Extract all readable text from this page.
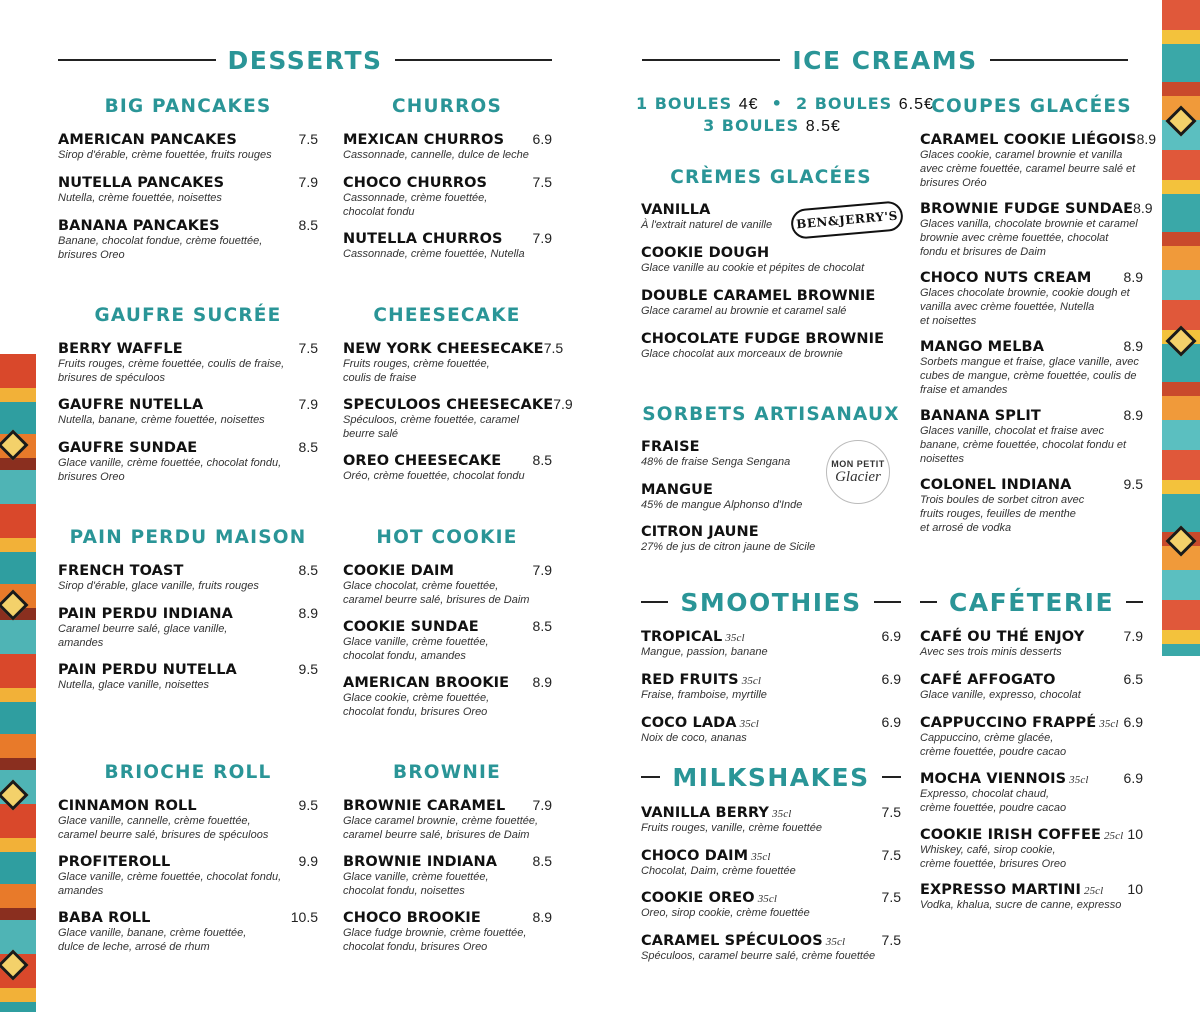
DESSERTS
BIG PANCAKES
AMERICAN PANCAKES	7.5
Sirop d'érable, crème fouettée, fruits rouges
NUTELLA PANCAKES	7.9
Nutella, crème fouettée, noisettes
BANANA PANCAKES	8.5
Banane, chocolat fondue, crème fouettée,
brisures Oreo
CHURROS
MEXICAN CHURROS 6.9
Cassonnade, cannelle, dulce de leche
CHOCO CHURROS	7.5
Cassonnade, crème fouettée,
chocolat fondu
NUTELLA CHURROS 7.9
Cassonnade, crème fouettée, Nutella
GAUFRE SUCRÉE
BERRY WAFFLE	7.5
Fruits rouges, crème fouettée, coulis de fraise,
brisures de spéculoos
GAUFRE NUTELLA	7.9
Nutella, banane, crème fouettée, noisettes
GAUFRE SUNDAE	8.5
Glace vanille, crème fouettée, chocolat fondu,
brisures Oreo
CHEESECAKE
NEW YORK CHEESECAKE 7.5
Fruits rouges, crème fouettée,
coulis de fraise
SPECULOOS CHEESECAKE 7.9
Spéculoos, crème fouettée, caramel
beurre salé
OREO CHEESECAKE 8.5
Oréo, crème fouettée, chocolat fondu
PAIN PERDU MAISON
FRENCH TOAST	8.5
Sirop d'érable, glace vanille, fruits rouges
PAIN PERDU INDIANA	8.9
Caramel beurre salé, glace vanille,
amandes
PAIN PERDU NUTELLA	9.5
Nutella, glace vanille, noisettes
HOT COOKIE
COOKIE DAIM	7.9
Glace chocolat, crème fouettée,
caramel beurre salé, brisures de Daim
COOKIE SUNDAE	8.5
Glace vanille, crème fouettée,
chocolat fondu, amandes
AMERICAN BROOKIE 8.9
Glace cookie, crème fouettée,
chocolat fondu, brisures Oreo
BRIOCHE ROLL
CINNAMON ROLL	9.5
Glace vanille, cannelle, crème fouettée,
caramel beurre salé, brisures de spéculoos
PROFITEROLL	9.9
Glace vanille, crème fouettée, chocolat fondu,
amandes
BABA ROLL	10.5
Glace vanille, banane, crème fouettée,
dulce de leche, arrosé de rhum
BROWNIE
BROWNIE CARAMEL 7.9
Glace caramel brownie, crème fouettée,
caramel beurre salé, brisures de Daim
BROWNIE INDIANA	8.5
Glace vanille, crème fouettée,
chocolat fondu, noisettes
CHOCO BROOKIE	8.9
Glace fudge brownie, crème fouettée,
chocolat fondu, brisures Oreo
ICE CREAMS
1 BOULES 4€ • 2 BOULES 6.5€
3 BOULES 8.5€
CRÈMES GLACÉES
BEN&JERRY'S
VANILLA
À l'extrait naturel de vanille
COOKIE DOUGH
Glace vanille au cookie et pépites de chocolat
DOUBLE CARAMEL BROWNIE
Glace caramel au brownie et caramel salé
CHOCOLATE FUDGE BROWNIE
Glace chocolat aux morceaux de brownie
SORBETS ARTISANAUX
MON PETIT
Glacier
FRAISE
48% de fraise Senga Sengana
MANGUE
45% de mangue Alphonso d'Inde
CITRON JAUNE
27% de jus de citron jaune de Sicile
COUPES GLACÉES
CARAMEL COOKIE LIÉGOIS 8.9
Glaces cookie, caramel brownie et vanilla
avec crème fouettée, caramel beurre salé et
brisures Oréo
BROWNIE FUDGE SUNDAE 8.9
Glaces vanilla, chocolate brownie et caramel
brownie avec crème fouettée, chocolat
fondu et brisures de Daim
CHOCO NUTS CREAM 8.9
Glaces chocolate brownie, cookie dough et
vanilla avec crème fouettée, Nutella
et noisettes
MANGO MELBA	8.9
Sorbets mangue et fraise, glace vanille, avec
cubes de mangue, crème fouettée, coulis de
fraise et amandes
BANANA SPLIT	8.9
Glaces vanille, chocolat et fraise avec
banane, crème fouettée, chocolat fondu et
noisettes
COLONEL INDIANA	9.5
Trois boules de sorbet citron avec
fruits rouges, feuilles de menthe
et arrosé de vodka
SMOOTHIES
TROPICAL 35cl	6.9
Mangue, passion, banane
RED FRUITS 35cl	6.9
Fraise, framboise, myrtille
COCO LADA 35cl	6.9
Noix de coco, ananas
MILKSHAKES
VANILLA BERRY 35cl	7.5
Fruits rouges, vanille, crème fouettée
CHOCO DAIM 35cl	7.5
Chocolat, Daim, crème fouettée
COOKIE OREO 35cl	7.5
Oreo, sirop cookie, crème fouettée
CARAMEL SPÉCULOOS 35cl	7.5
Spéculoos, caramel beurre salé, crème fouettée
CAFÉTERIE
CAFÉ OU THÉ ENJOY	7.9
Avec ses trois minis desserts
CAFÉ AFFOGATO	6.5
Glace vanille, expresso, chocolat
CAPPUCCINO FRAPPÉ 35cl 6.9
Cappuccino, crème glacée,
crème fouettée, poudre cacao
MOCHA VIENNOIS 35cl	6.9
Expresso, chocolat chaud,
crème fouettée, poudre cacao
COOKIE IRISH COFFEE 25cl 10
Whiskey, café, sirop cookie,
crème fouettée, brisures Oreo
EXPRESSO MARTINI 25cl 10
Vodka, khalua, sucre de canne, expresso
